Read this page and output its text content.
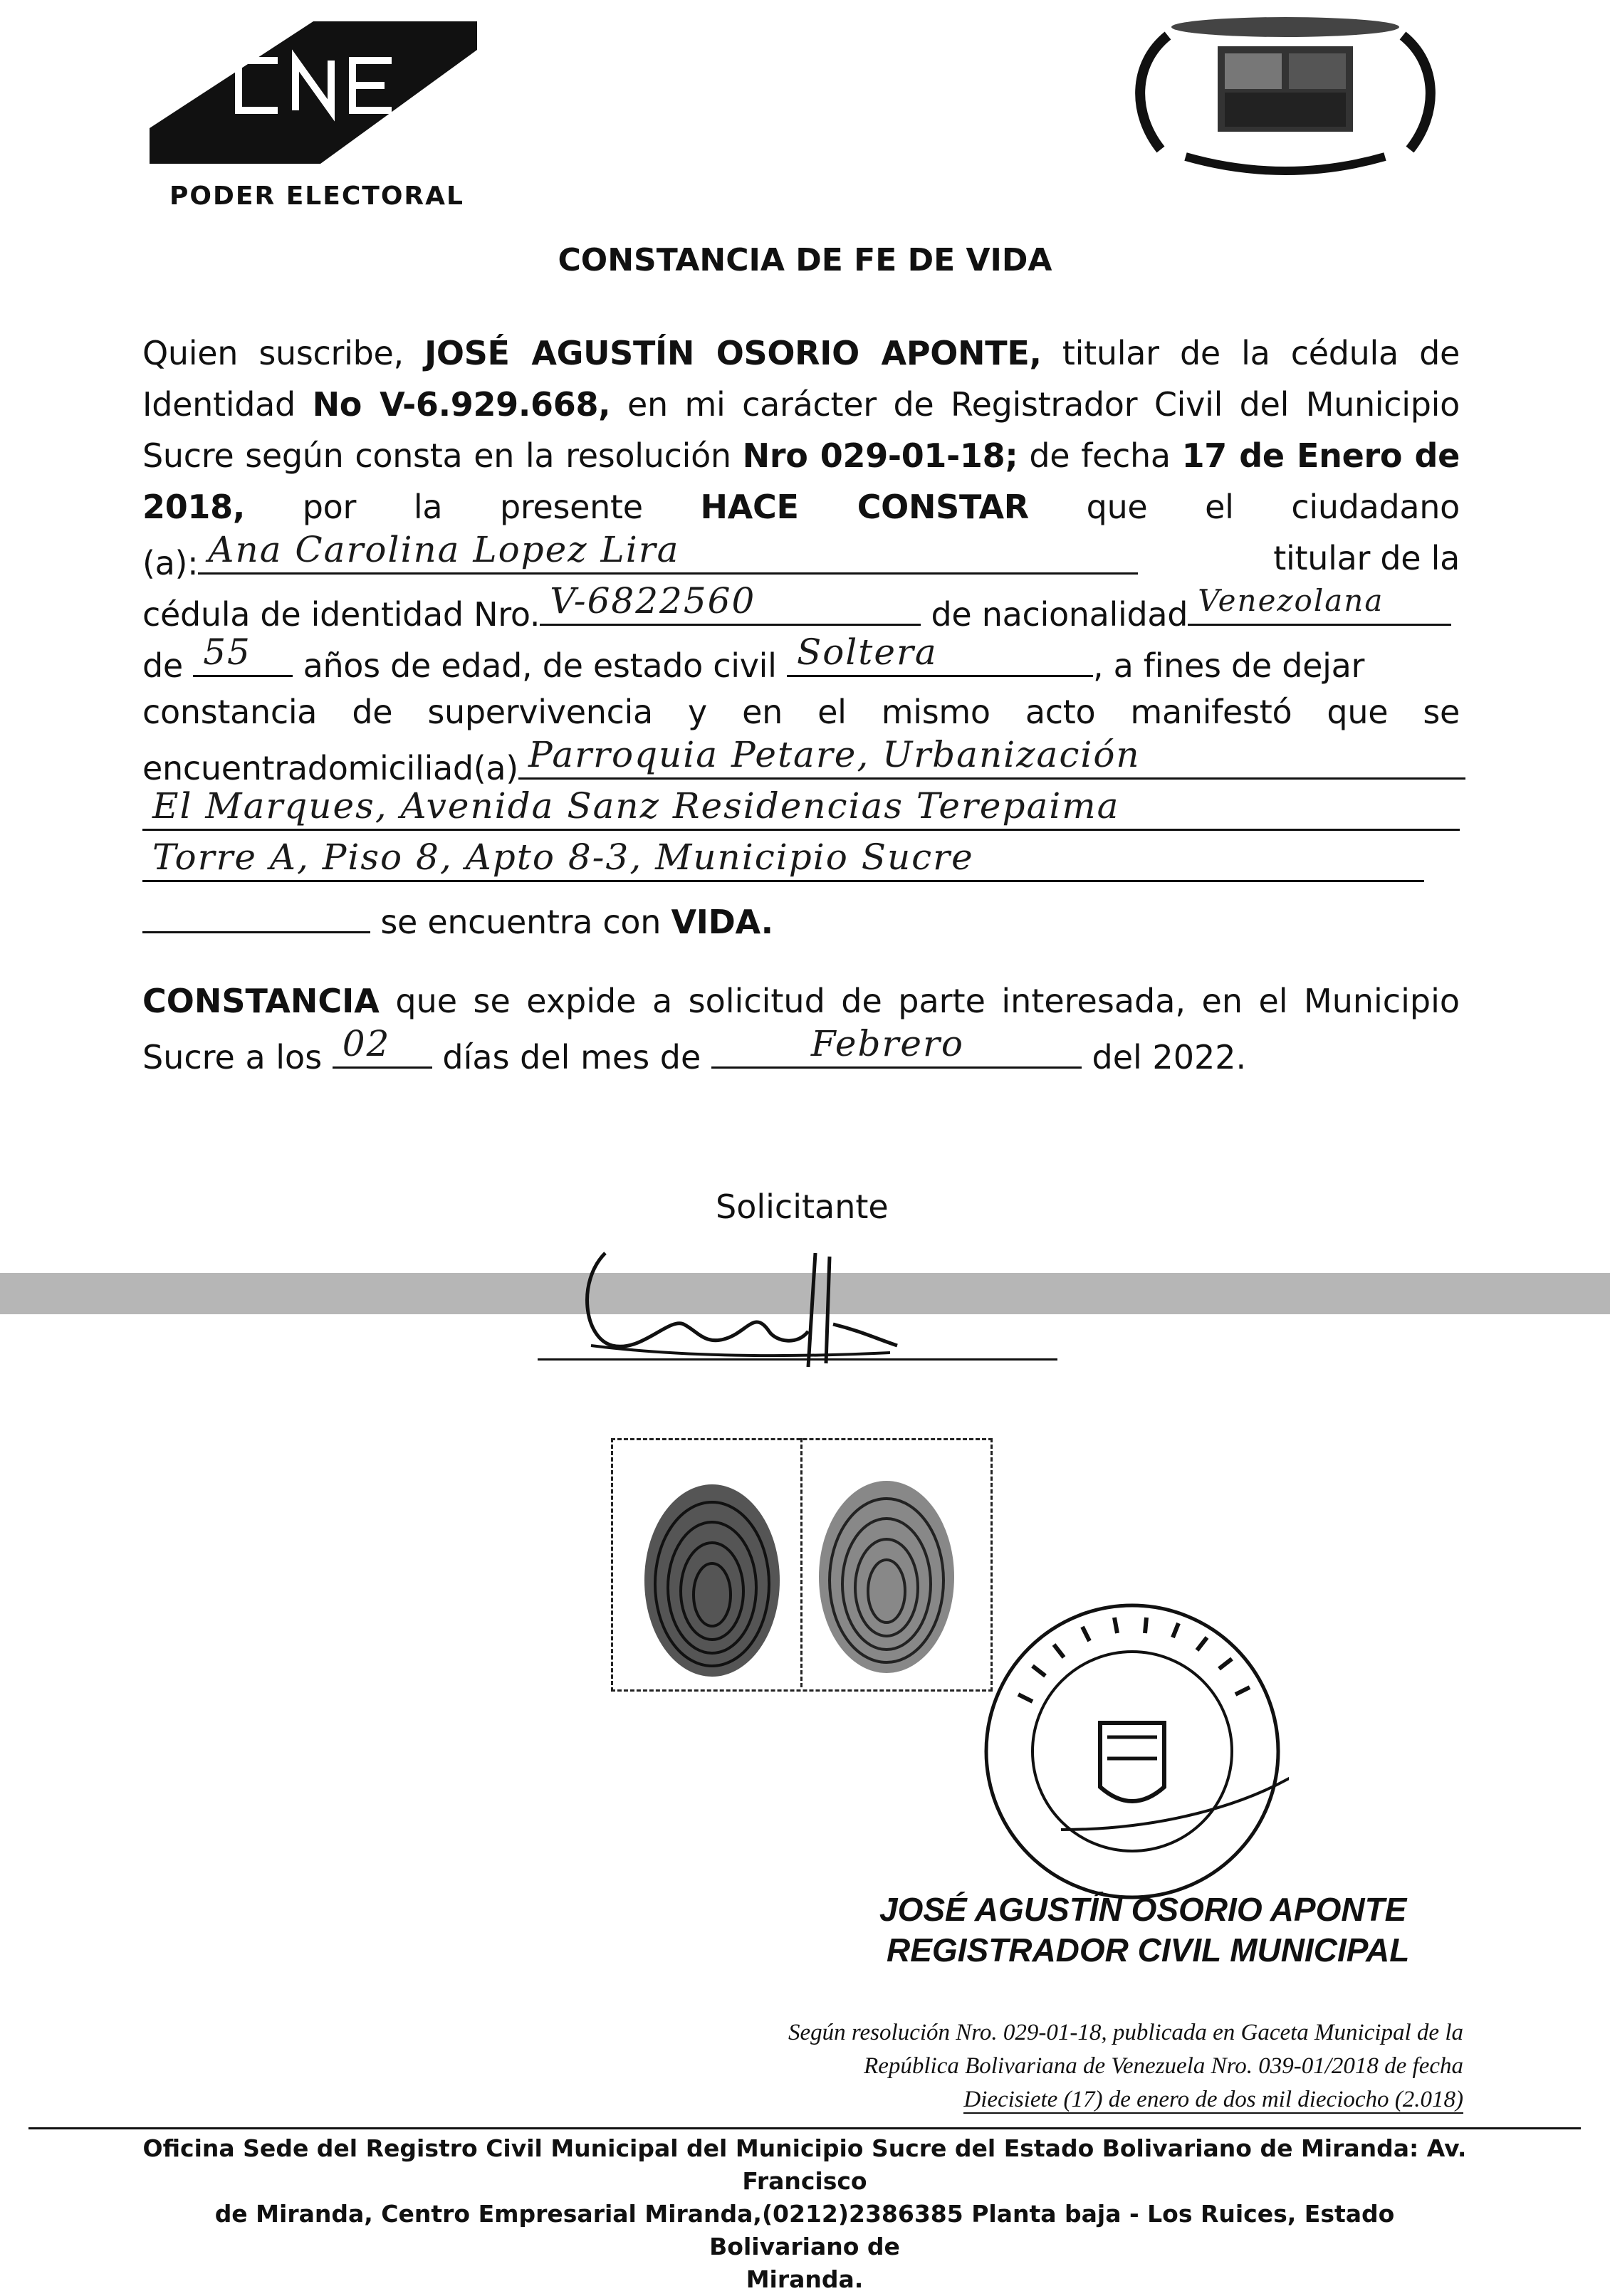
PODER ELECTORAL
CONSTANCIA DE FE DE VIDA
Quien suscribe, JOSÉ AGUSTÍN OSORIO APONTE, titular de la cédula de
Identidad No V-6.929.668, en mi carácter de Registrador Civil del Municipio
Sucre según consta en la resolución Nro 029-01-18; de fecha 17 de Enero de
2018, por la presente HACE CONSTAR que el ciudadano
(a): Ana Carolina Lopez Lira	titular de la
cédula de identidad Nro. V-6822560	de nacionalidad Venezolana
de 55 años de edad, de estado civil Soltera	, a fines de dejar
constancia de supervivencia y en el mismo acto manifestó que se
encuentradomiciliad(a) Parroquia Petare, Urbanización
El Marques, Avenida Sanz Residencias Terepaima
Torre A, Piso 8, Apto 8-3, Municipio Sucre
se encuentra con VIDA.
CONSTANCIA que se expide a solicitud de parte interesada, en el Municipio
Sucre a los 02 días del mes de	Febrero	del 2022.
Solicitante
JOSÉ AGUSTÍN OSORIO APONTE
REGISTRADOR CIVIL MUNICIPAL
Según resolución Nro. 029-01-18, publicada en Gaceta Municipal de la
República Bolivariana de Venezuela Nro. 039-01/2018 de fecha
Diecisiete (17) de enero de dos mil dieciocho (2.018)
Oficina Sede del Registro Civil Municipal del Municipio Sucre del Estado Bolivariano de Miranda: Av. Francisco
de Miranda, Centro Empresarial Miranda,(0212)2386385 Planta baja - Los Ruices, Estado Bolivariano de
Miranda.
